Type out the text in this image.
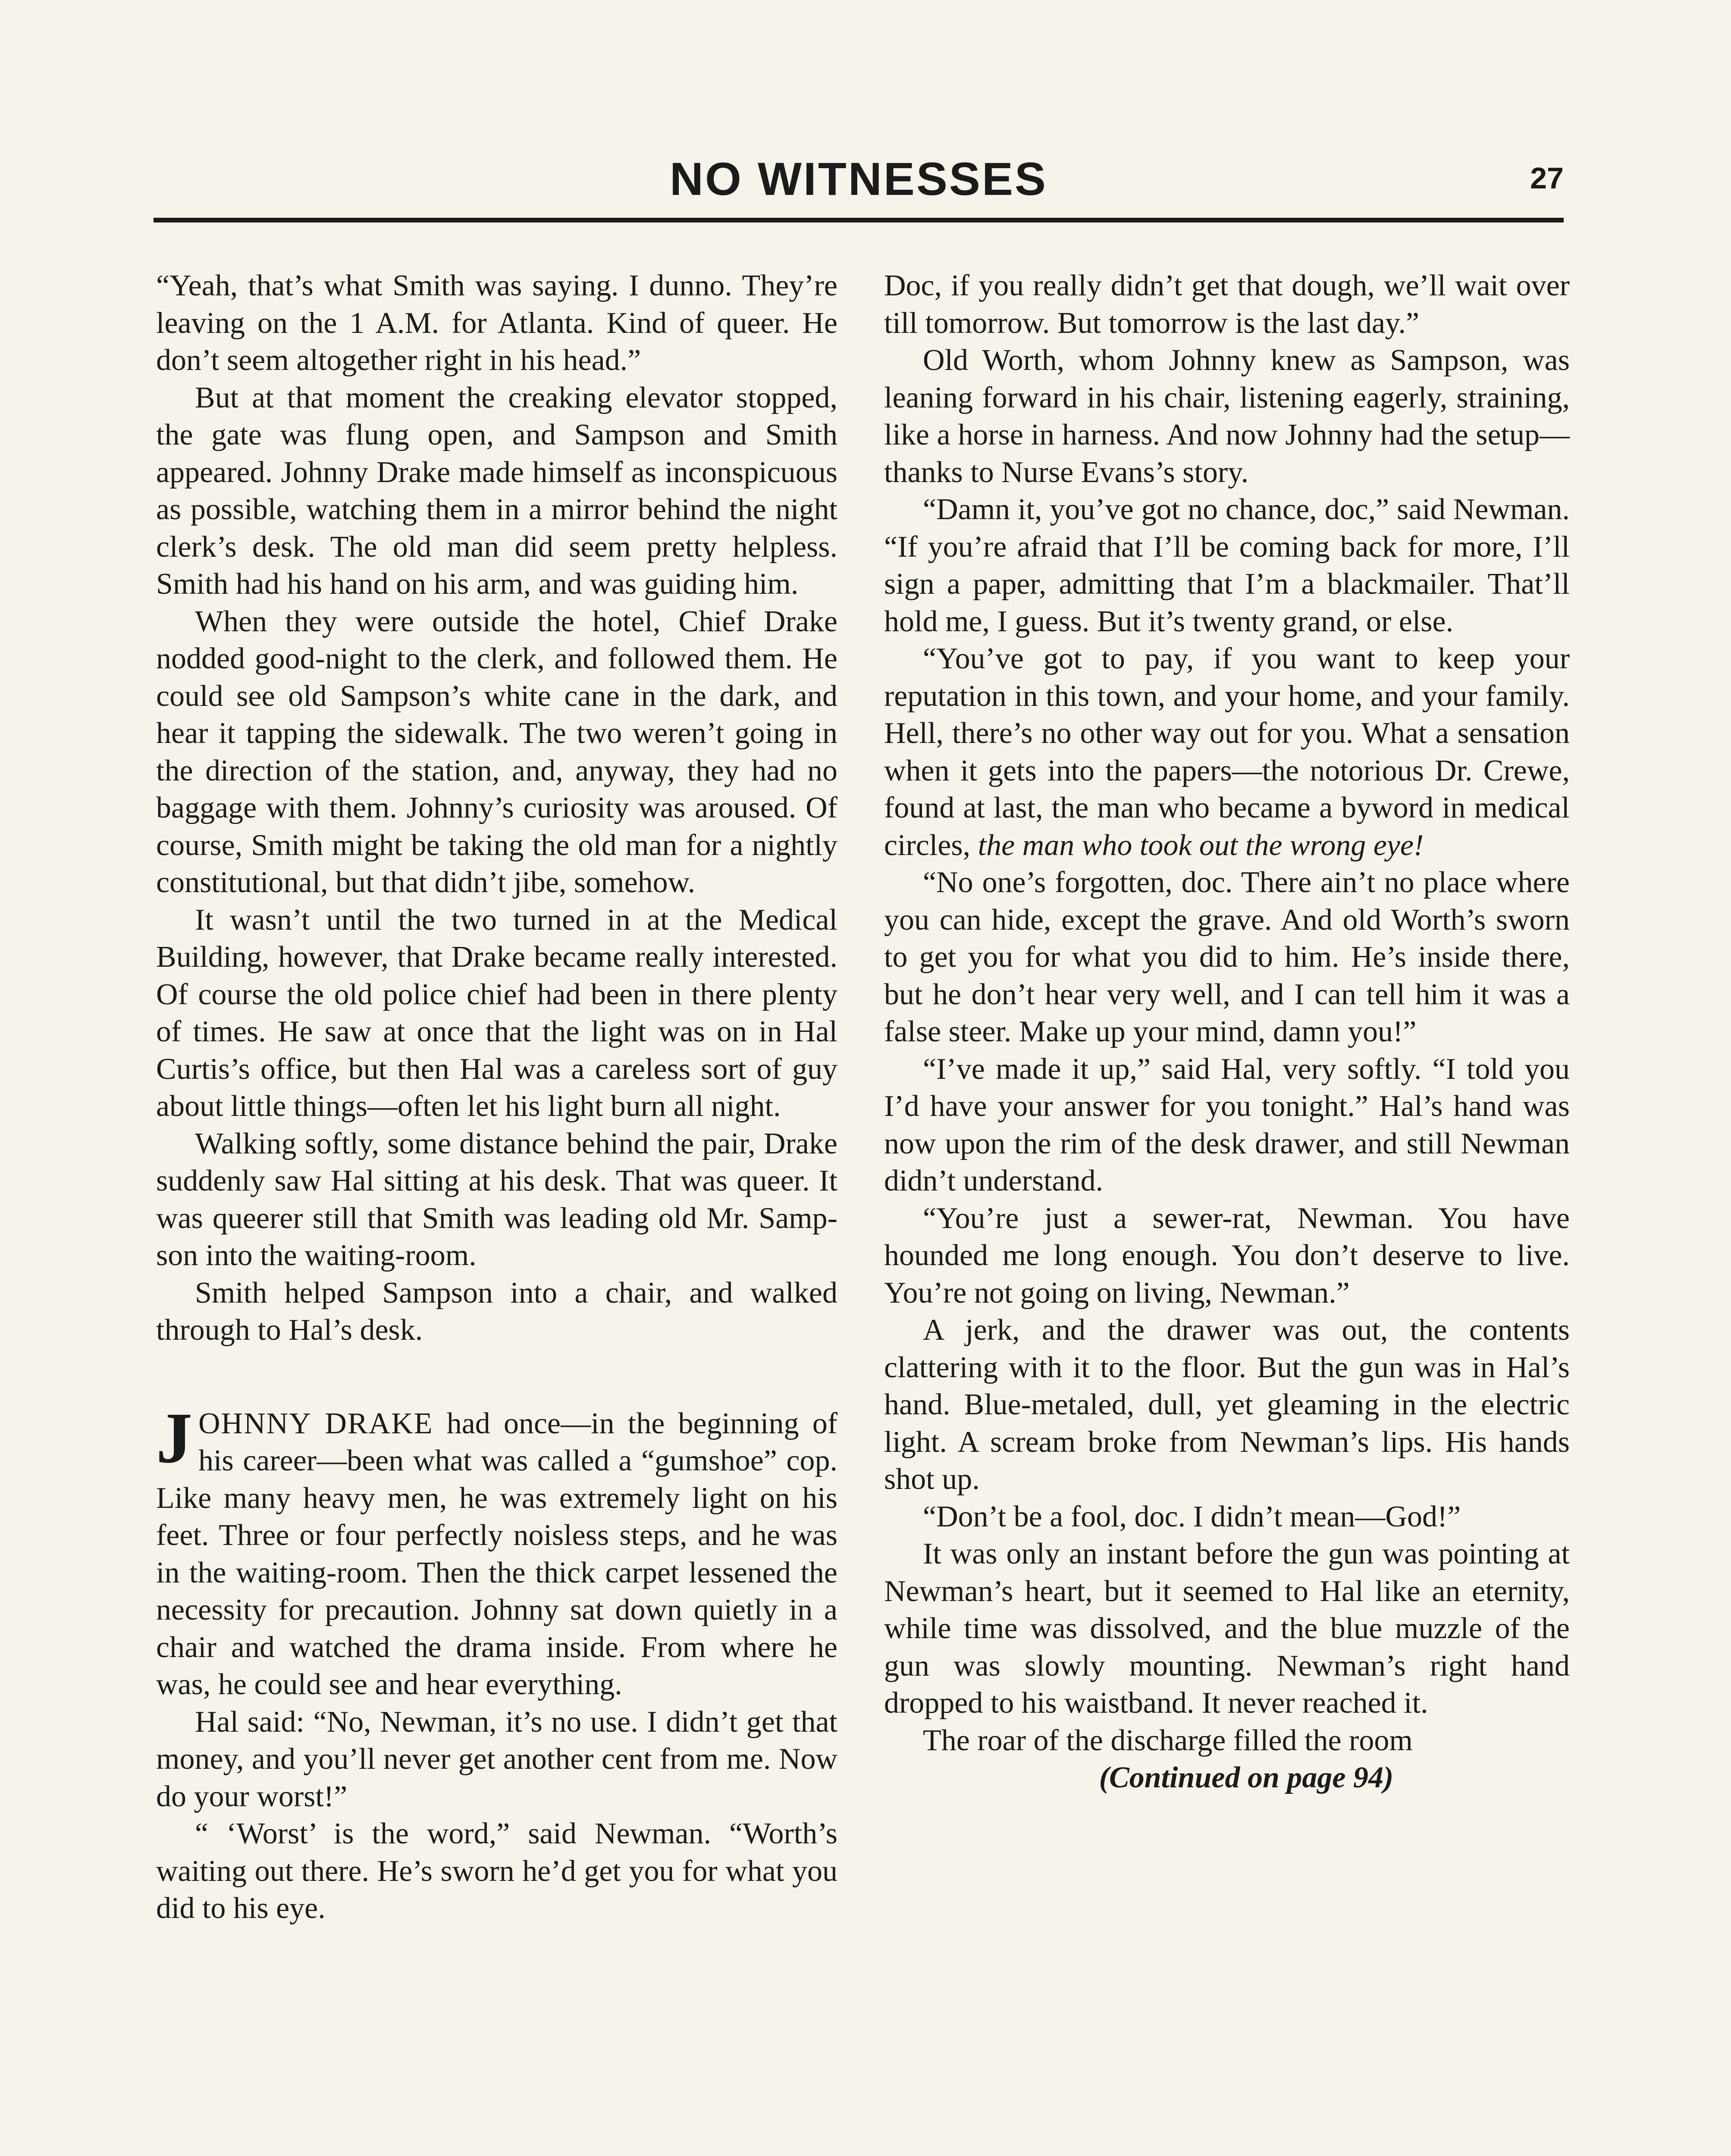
NO WITNESSES	27

“Yeah, that’s what Smith was saying. I dunno. They’re leaving on the 1 A.M. for Atlanta. Kind of queer. He don’t seem altogether right in his head.”

But at that moment the creaking elevator stopped, the gate was flung open, and Sampson and Smith appeared. Johnny Drake made himself as inconspicuous as possible, watching them in a mirror behind the night clerk’s desk. The old man did seem pretty helpless. Smith had his hand on his arm, and was guiding him.

When they were outside the hotel, Chief Drake nodded good-night to the clerk, and followed them. He could see old Sampson’s white cane in the dark, and hear it tapping the sidewalk. The two weren’t going in the direction of the station, and, anyway, they had no baggage with them. Johnny’s curiosity was aroused. Of course, Smith might be taking the old man for a nightly constitutional, but that didn’t jibe, somehow.

It wasn’t until the two turned in at the Medical Building, however, that Drake became really interested. Of course the old police chief had been in there plenty of times. He saw at once that the light was on in Hal Curtis’s office, but then Hal was a careless sort of guy about little things—often let his light burn all night.

Walking softly, some distance behind the pair, Drake suddenly saw Hal sitting at his desk. That was queer. It was queerer still that Smith was leading old Mr. Sampson into the waiting-room.

Smith helped Sampson into a chair, and walked through to Hal’s desk.

JOHNNY DRAKE had once—in the beginning of his career—been what was called a “gumshoe” cop. Like many heavy men, he was extremely light on his feet. Three or four perfectly noisless steps, and he was in the waiting-room. Then the thick carpet lessened the necessity for precaution. Johnny sat down quietly in a chair and watched the drama inside. From where he was, he could see and hear everything.

Hal said: “No, Newman, it’s no use. I didn’t get that money, and you’ll never get another cent from me. Now do your worst!”

“ ‘Worst’ is the word,” said Newman. “Worth’s waiting out there. He’s sworn he’d get you for what you did to his eye.

Doc, if you really didn’t get that dough, we’ll wait over till tomorrow. But tomorrow is the last day.”

Old Worth, whom Johnny knew as Sampson, was leaning forward in his chair, listening eagerly, straining, like a horse in harness. And now Johnny had the setup—thanks to Nurse Evans’s story.

“Damn it, you’ve got no chance, doc,” said Newman. “If you’re afraid that I’ll be coming back for more, I’ll sign a paper, admitting that I’m a blackmailer. That’ll hold me, I guess. But it’s twenty grand, or else.

“You’ve got to pay, if you want to keep your reputation in this town, and your home, and your family. Hell, there’s no other way out for you. What a sensation when it gets into the papers—the notorious Dr. Crewe, found at last, the man who became a byword in medical circles, the man who took out the wrong eye!

“No one’s forgotten, doc. There ain’t no place where you can hide, except the grave. And old Worth’s sworn to get you for what you did to him. He’s inside there, but he don’t hear very well, and I can tell him it was a false steer. Make up your mind, damn you!”

“I’ve made it up,” said Hal, very softly. “I told you I’d have your answer for you tonight.” Hal’s hand was now upon the rim of the desk drawer, and still Newman didn’t understand.

“You’re just a sewer-rat, Newman. You have hounded me long enough. You don’t deserve to live. You’re not going on living, Newman.”

A jerk, and the drawer was out, the contents clattering with it to the floor. But the gun was in Hal’s hand. Blue-metaled, dull, yet gleaming in the electric light. A scream broke from Newman’s lips. His hands shot up.

“Don’t be a fool, doc. I didn’t mean—God!”

It was only an instant before the gun was pointing at Newman’s heart, but it seemed to Hal like an eternity, while time was dissolved, and the blue muzzle of the gun was slowly mounting. Newman’s right hand dropped to his waistband. It never reached it.

The roar of the discharge filled the room

(Continued on page 94)
